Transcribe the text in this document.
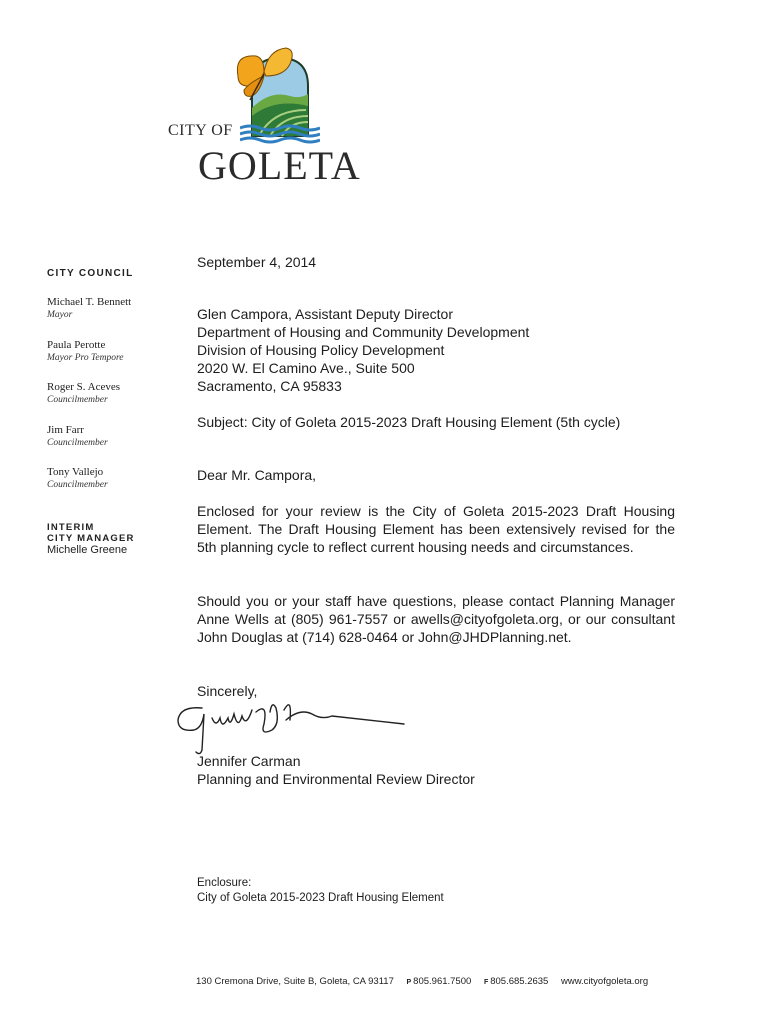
CITY OF
GOLETA
CITY COUNCIL
Michael T. Bennett
Mayor
Paula Perotte
Mayor Pro Tempore
Roger S. Aceves
Councilmember
Jim Farr
Councilmember
Tony Vallejo
Councilmember
INTERIM
CITY MANAGER
Michelle Greene
September 4, 2014
Glen Campora, Assistant Deputy Director
Department of Housing and Community Development
Division of Housing Policy Development
2020 W. El Camino Ave., Suite 500
Sacramento, CA 95833
Subject: City of Goleta 2015-2023 Draft Housing Element (5th cycle)
Dear Mr. Campora,
Enclosed for your review is the City of Goleta 2015-2023 Draft Housing Element. The Draft Housing Element has been extensively revised for the 5th planning cycle to reflect current housing needs and circumstances.
Should you or your staff have questions, please contact Planning Manager Anne Wells at (805) 961-7557 or awells@cityofgoleta.org, or our consultant John Douglas at (714) 628-0464 or John@JHDPlanning.net.
Sincerely,
Jennifer Carman
Planning and Environmental Review Director
Enclosure:
City of Goleta 2015-2023 Draft Housing Element
130 Cremona Drive, Suite B, Goleta, CA 93117 P 805.961.7500 F 805.685.2635 www.cityofgoleta.org
